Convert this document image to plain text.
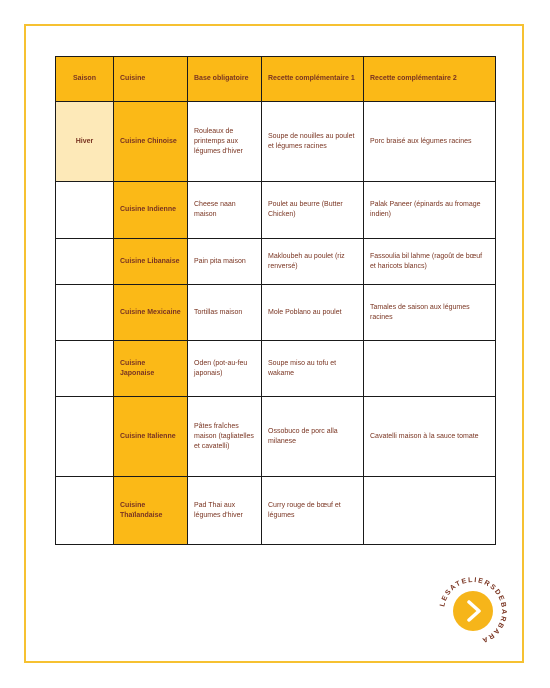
Saison	Cuisine	Base obligatoire	Recette complémentaire 1	Recette complémentaire 2
Hiver	Cuisine Chinoise	Rouleaux de printemps aux légumes d'hiver	Soupe de nouilles au poulet et légumes racines	Porc braisé aux légumes racines
	Cuisine Indienne	Cheese naan maison	Poulet au beurre (Butter Chicken)	Palak Paneer (épinards au fromage indien)
	Cuisine Libanaise	Pain pita maison	Makloubeh au poulet (riz renversé)	Fassoulia bil lahme (ragoût de bœuf et haricots blancs)
	Cuisine Mexicaine	Tortillas maison	Mole Poblano au poulet	Tamales de saison aux légumes racines
	Cuisine Japonaise	Oden (pot-au-feu japonais)	Soupe miso au tofu et wakame	
	Cuisine Italienne	Pâtes fraîches maison (tagliatelles et cavatelli)	Ossobuco de porc alla milanese	Cavatelli maison à la sauce tomate
	Cuisine Thaïlandaise	Pad Thai aux légumes d'hiver	Curry rouge de bœuf et légumes	
LESATELIERSDEBARBARA
